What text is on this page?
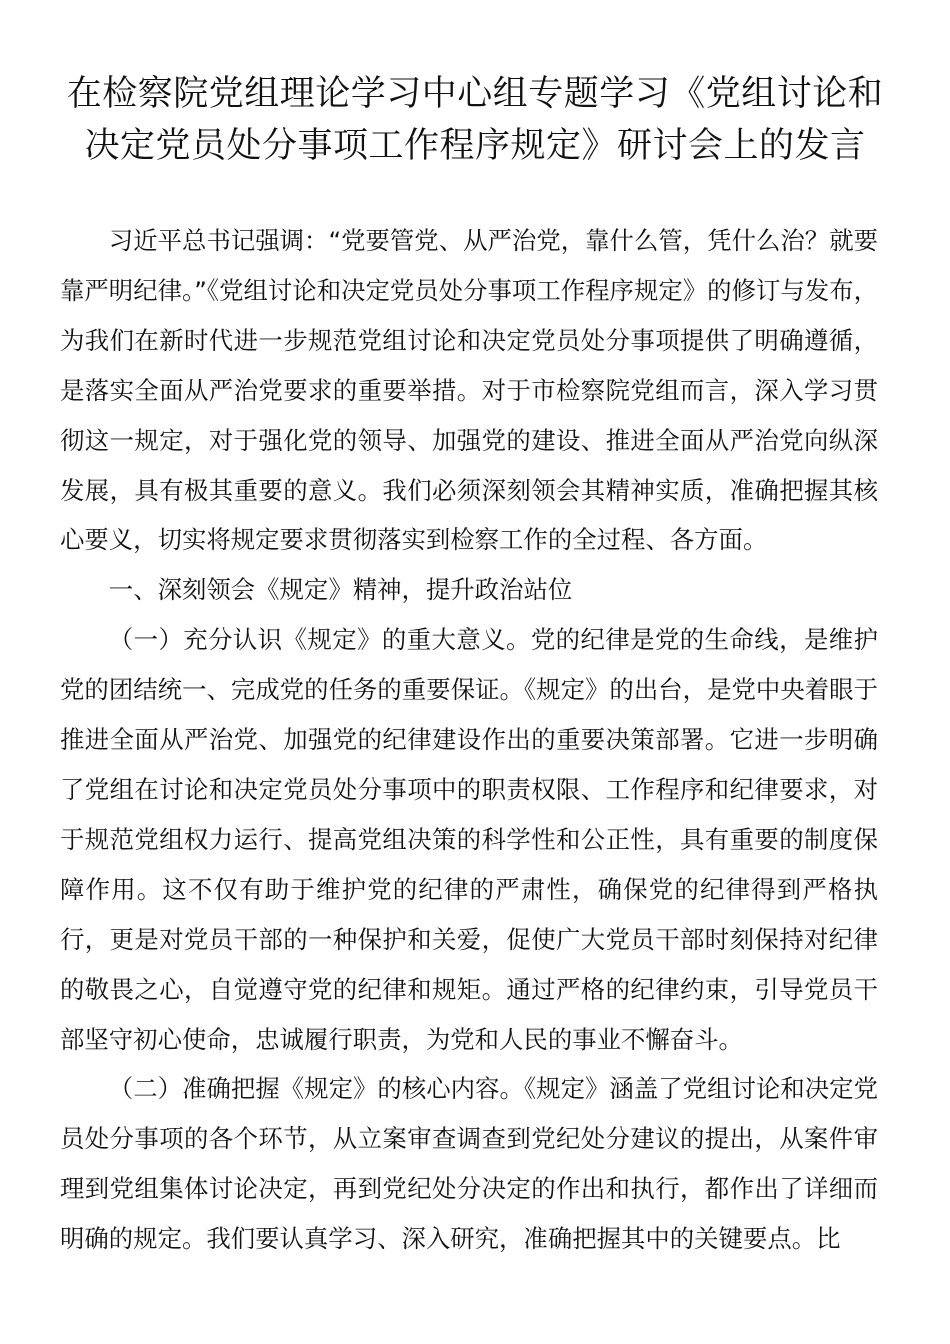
在检察院党组理论学习中心组专题学习《党组讨论和
决定党员处分事项工作程序规定》研讨会上的发言

习近平总书记强调：“党要管党、从严治党，靠什么管，凭什么治？就要靠严明纪律。”《党组讨论和决定党员处分事项工作程序规定》的修订与发布，为我们在新时代进一步规范党组讨论和决定党员处分事项提供了明确遵循，是落实全面从严治党要求的重要举措。对于市检察院党组而言，深入学习贯彻这一规定，对于强化党的领导、加强党的建设、推进全面从严治党向纵深发展，具有极其重要的意义。我们必须深刻领会其精神实质，准确把握其核心要义，切实将规定要求贯彻落实到检察工作的全过程、各方面。

一、深刻领会《规定》精神，提升政治站位

（一）充分认识《规定》的重大意义。党的纪律是党的生命线，是维护党的团结统一、完成党的任务的重要保证。《规定》的出台，是党中央着眼于推进全面从严治党、加强党的纪律建设作出的重要决策部署。它进一步明确了党组在讨论和决定党员处分事项中的职责权限、工作程序和纪律要求，对于规范党组权力运行、提高党组决策的科学性和公正性，具有重要的制度保障作用。这不仅有助于维护党的纪律的严肃性，确保党的纪律得到严格执行，更是对党员干部的一种保护和关爱，促使广大党员干部时刻保持对纪律的敬畏之心，自觉遵守党的纪律和规矩。通过严格的纪律约束，引导党员干部坚守初心使命，忠诚履行职责，为党和人民的事业不懈奋斗。

（二）准确把握《规定》的核心内容。《规定》涵盖了党组讨论和决定党员处分事项的各个环节，从立案审查调查到党纪处分建议的提出，从案件审理到党组集体讨论决定，再到党纪处分决定的作出和执行，都作出了详细而明确的规定。我们要认真学习、深入研究，准确把握其中的关键要点。比
